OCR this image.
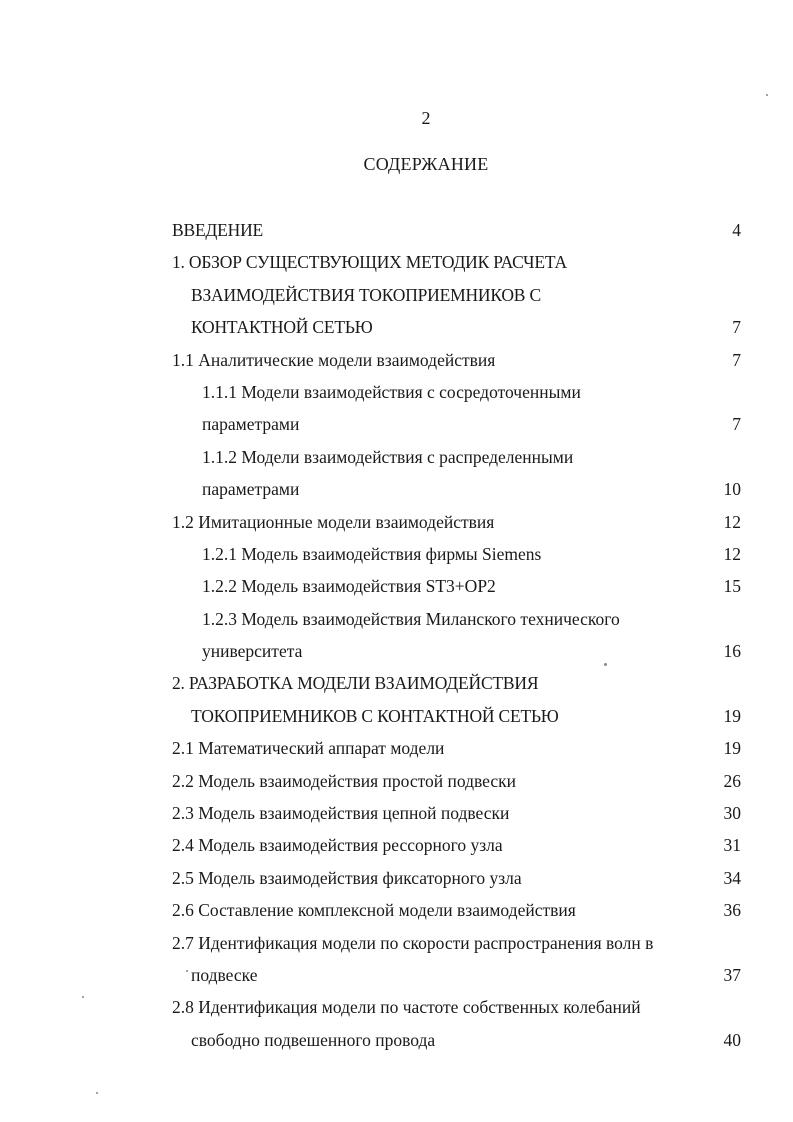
2
СОДЕРЖАНИЕ
ВВЕДЕНИЕ	4
1. ОБЗОР СУЩЕСТВУЮЩИХ МЕТОДИК РАСЧЕТА
ВЗАИМОДЕЙСТВИЯ ТОКОПРИЕМНИКОВ С
КОНТАКТНОЙ СЕТЬЮ	7
1.1 Аналитические модели взаимодействия	7
1.1.1 Модели взаимодействия с сосредоточенными
параметрами	7
1.1.2 Модели взаимодействия с распределенными
параметрами	10
1.2 Имитационные модели взаимодействия	12
1.2.1 Модель взаимодействия фирмы Siemens	12
1.2.2 Модель взаимодействия ST3+OP2	15
1.2.3 Модель взаимодействия Миланского технического
университета	16
2. РАЗРАБОТКА МОДЕЛИ ВЗАИМОДЕЙСТВИЯ
ТОКОПРИЕМНИКОВ С КОНТАКТНОЙ СЕТЬЮ	19
2.1 Математический аппарат модели	19
2.2 Модель взаимодействия простой подвески	26
2.3 Модель взаимодействия цепной подвески	30
2.4 Модель взаимодействия рессорного узла	31
2.5 Модель взаимодействия фиксаторного узла	34
2.6 Составление комплексной модели взаимодействия	36
2.7 Идентификация модели по скорости распространения волн в
подвеске	37
2.8 Идентификация модели по частоте собственных колебаний
свободно подвешенного провода	40
